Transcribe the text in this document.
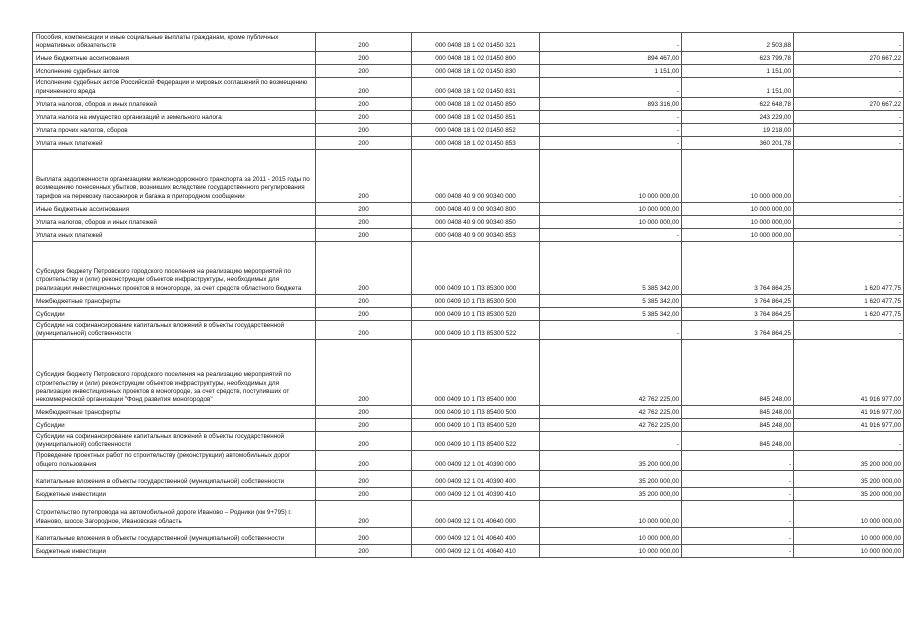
Пособия, компенсации и иные социальные выплаты гражданам, кроме публичных нормативных обязательств	200	000 0408 18 1 02 01450 321	-	2 503,88	-
Иные бюджетные ассигнования	200	000 0408 18 1 02 01450 800	894 467,00	623 799,78	270 667,22
Исполнение судебных актов	200	000 0408 18 1 02 01450 830	1 151,00	1 151,00	-
Исполнение судебных актов Российской Федерации и мировых соглашений по возмещению причиненного вреда	200	000 0408 18 1 02 01450 831	-	1 151,00	-
Уплата налогов, сборов и иных платежей	200	000 0408 18 1 02 01450 850	893 316,00	622 648,78	270 667,22
Уплата налога на имущество организаций и земельного налога	200	000 0408 18 1 02 01450 851	-	243 229,00	-
Уплата прочих налогов, сборов	200	000 0408 18 1 02 01450 852	-	19 218,00	-
Уплата иных платежей	200	000 0408 18 1 02 01450 853	-	360 201,78	-
Выплата задолженности организациям железнодорожного транспорта за 2011 - 2015 годы по возмещению понесенных убытков, возникших вследствие государственного регулирования тарифов на перевозку пассажиров и багажа в пригородном сообщении	200	000 0408 40 9 00 90340 000	10 000 000,00	10 000 000,00	-
Иные бюджетные ассигнования	200	000 0408 40 9 00 90340 800	10 000 000,00	10 000 000,00	-
Уплата налогов, сборов и иных платежей	200	000 0408 40 9 00 90340 850	10 000 000,00	10 000 000,00	-
Уплата иных платежей	200	000 0408 40 9 00 90340 853	-	10 000 000,00	-
Субсидия бюджету Петровского городского поселения на реализацию мероприятий по строительству и (или) реконструкции объектов инфраструктуры, необходимых для реализации инвестиционных проектов в моногороде, за счет средств областного бюджета	200	000 0409 10 1 П3 85300 000	5 385 342,00	3 764 864,25	1 620 477,75
Межбюджетные трансферты	200	000 0409 10 1 П3 85300 500	5 385 342,00	3 764 864,25	1 620 477,75
Субсидии	200	000 0409 10 1 П3 85300 520	5 385 342,00	3 764 864,25	1 620 477,75
Субсидии на софинансирование капитальных вложений в объекты государственной (муниципальной) собственности	200	000 0409 10 1 П3 85300 522	-	3 764 864,25	-
Субсидия бюджету Петровского городского поселения на реализацию мероприятий по строительству и (или) реконструкции объектов инфраструктуры, необходимых для реализации инвестиционных проектов в моногороде, за счет средств, поступивших от некоммерческой организации "Фонд развития моногородов"	200	000 0409 10 1 П3 85400 000	42 762 225,00	845 248,00	41 916 977,00
Межбюджетные трансферты	200	000 0409 10 1 П3 85400 500	42 762 225,00	845 248,00	41 916 977,00
Субсидии	200	000 0409 10 1 П3 85400 520	42 762 225,00	845 248,00	41 916 977,00
Субсидии на софинансирование капитальных вложений в объекты государственной (муниципальной) собственности	200	000 0409 10 1 П3 85400 522	-	845 248,00	-
Проведение проектных работ по строительству (реконструкции) автомобильных дорог общего пользования	200	000 0409 12 1 01 40390 000	35 200 000,00	-	35 200 000,00
Капитальные вложения в объекты государственной (муниципальной) собственности	200	000 0409 12 1 01 40390 400	35 200 000,00	-	35 200 000,00
Бюджетные инвестиции	200	000 0409 12 1 01 40390 410	35 200 000,00	-	35 200 000,00
Строительство путепровода на автомобильной дороге Иваново – Родники (км 9+795) г. Иваново, шоссе Загородное, Ивановская область	200	000 0409 12 1 01 40640 000	10 000 000,00	-	10 000 000,00
Капитальные вложения в объекты государственной (муниципальной) собственности	200	000 0409 12 1 01 40640 400	10 000 000,00	-	10 000 000,00
Бюджетные инвестиции	200	000 0409 12 1 01 40640 410	10 000 000,00	-	10 000 000,00
